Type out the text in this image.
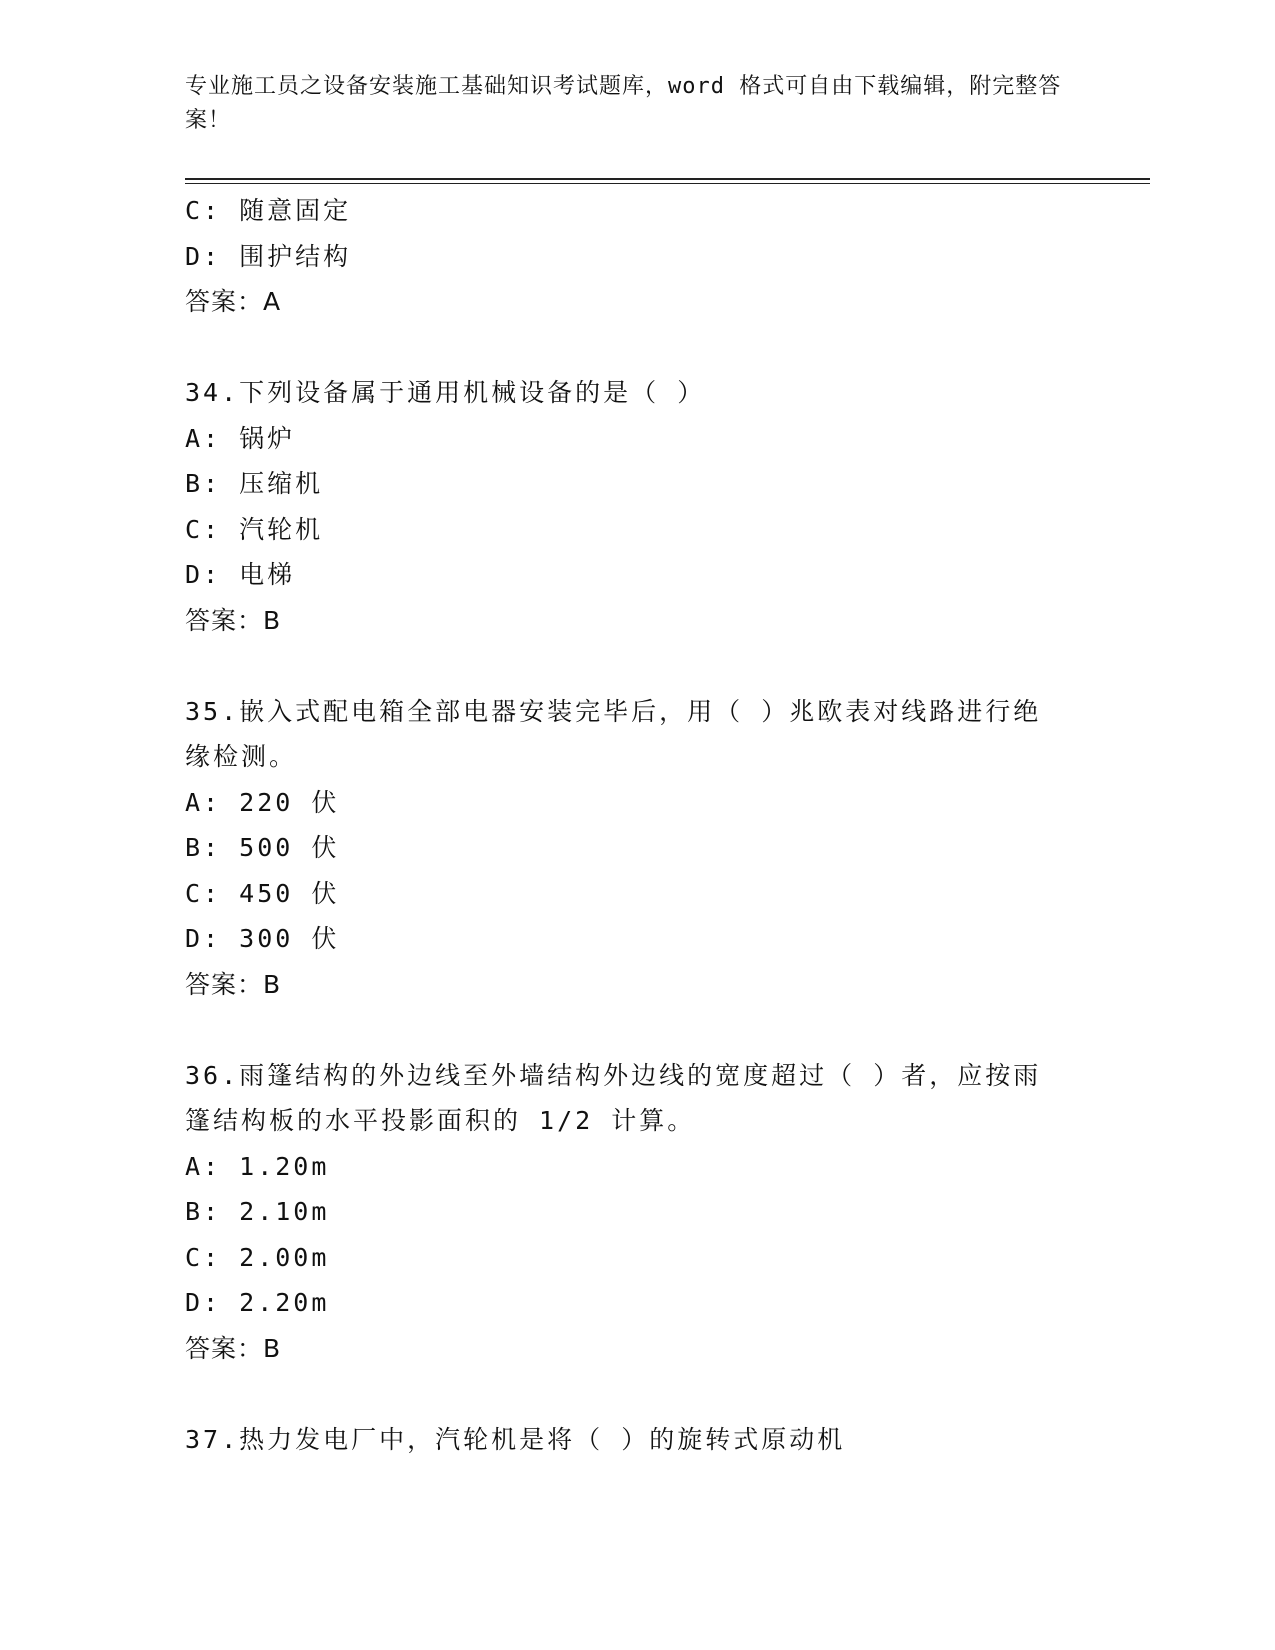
专业施工员之设备安装施工基础知识考试题库，word 格式可自由下载编辑，附完整答案！
C: 随意固定
D: 围护结构
答案：A
34.下列设备属于通用机械设备的是（ ）
A: 锅炉
B: 压缩机
C: 汽轮机
D: 电梯
答案：B
35.嵌入式配电箱全部电器安装完毕后，用（ ）兆欧表对线路进行绝缘检测。
A: 220 伏
B: 500 伏
C: 450 伏
D: 300 伏
答案：B
36.雨篷结构的外边线至外墙结构外边线的宽度超过（ ）者，应按雨篷结构板的水平投影面积的 1/2 计算。
A: 1.20m
B: 2.10m
C: 2.00m
D: 2.20m
答案：B
37.热力发电厂中，汽轮机是将（ ）的旋转式原动机
